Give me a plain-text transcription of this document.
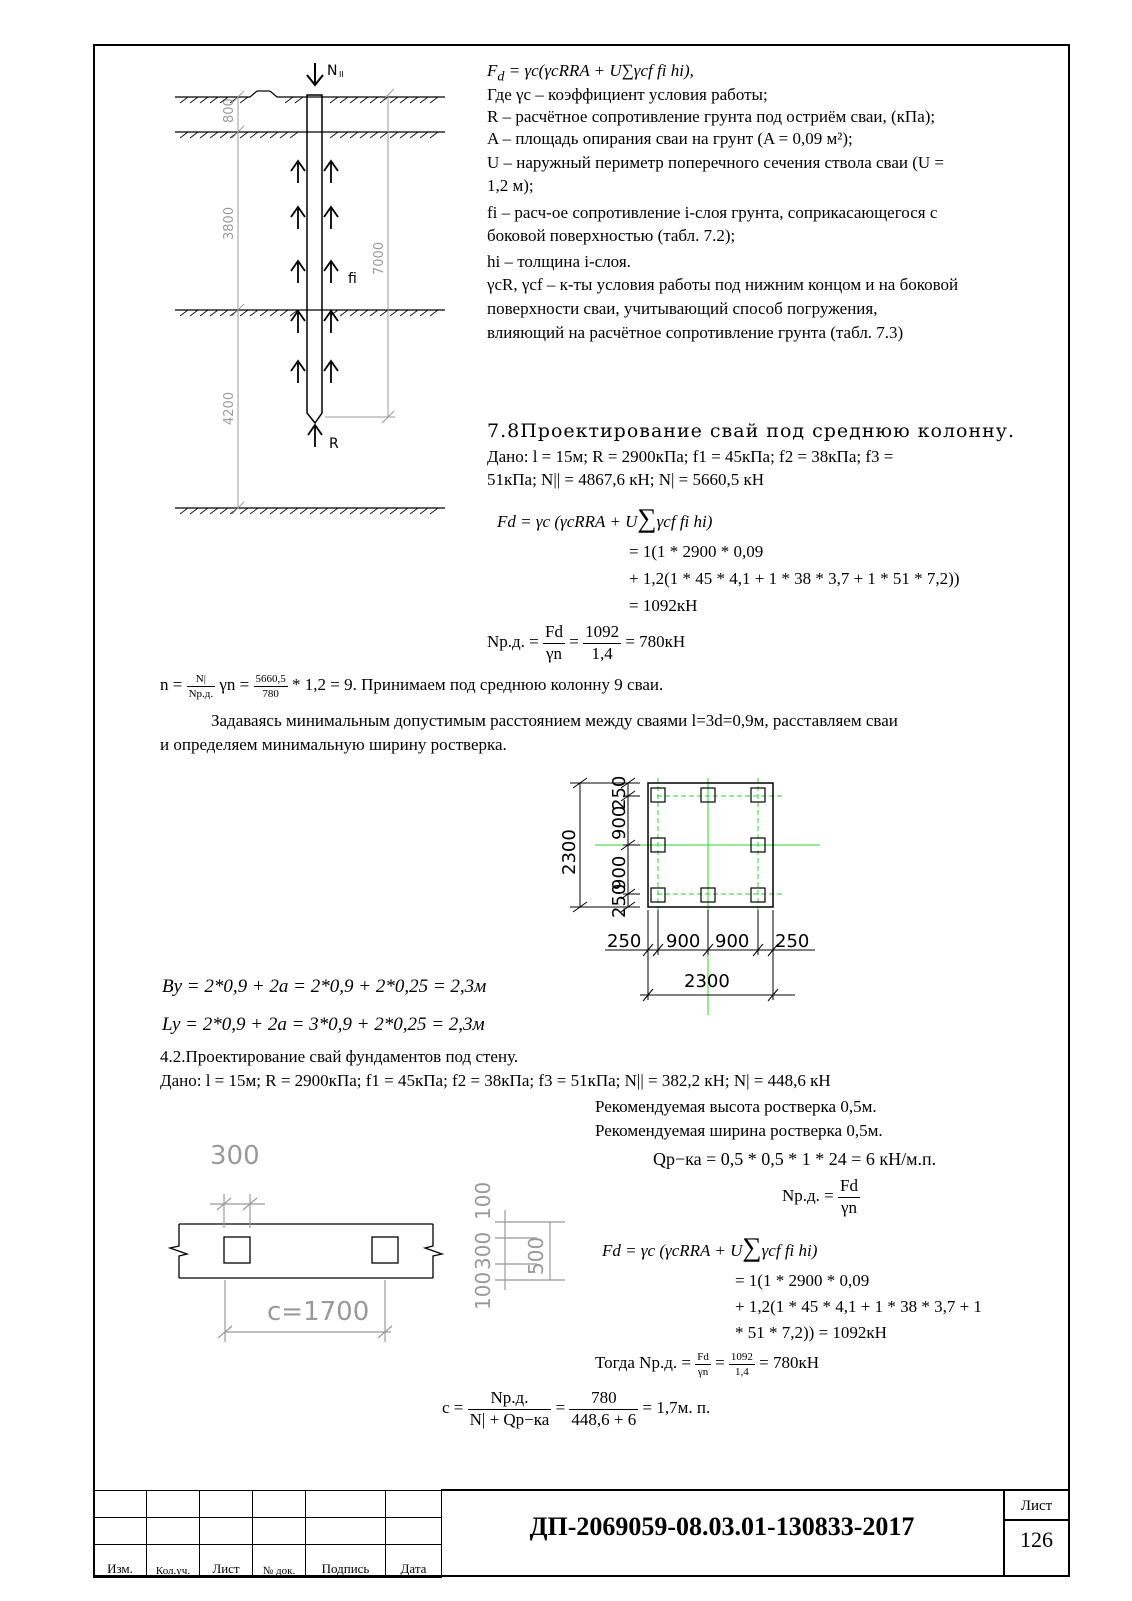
N II
fi
R
800
3800
4200
7000
$F_d$ = γc(γcRRA + U∑γcf fi hi),
Где γc – коэффициент условия работы;
R – расчётное сопротивление грунта под остриём сваи, (кПа);
A – площадь опирания сваи на грунт (A = 0,09 м²);
U – наружный периметр поперечного сечения ствола сваи (U =
1,2 м);
fi – расч-ое сопротивление i-слоя грунта, соприкасающегося с
боковой поверхностью (табл. 7.2);
hi – толщина i-слоя.
γcR, γcf – к-ты условия работы под нижним концом и на боковой
поверхности сваи, учитывающий способ погружения,
влияющий на расчётное сопротивление грунта (табл. 7.3)
7.8Проектирование свай под среднюю колонну.
Дано: l = 15м; R = 2900кПа; f1 = 45кПа; f2 = 38кПа; f3 =
51кПа; N|| = 4867,6 кН; N| = 5660,5 кН
Fd = γc (γcRRA + U∑γcf fi hi)
= 1(1 * 2900 * 0,09
+ 1,2(1 * 45 * 4,1 + 1 * 38 * 3,7 + 1 * 51 * 7,2))
= 1092кН
Nр.д. = $\frac{Fd}{\gamma n} = \frac{1092}{1,4} = 780кН$
n =	N|
Nр.д. $\gamma n = \frac{5660,5}{780} * 1,2 = 9$. Принимаем под среднюю колонну 9 сваи.
Задаваясь минимальным допустимым расстоянием между сваями l=3d=0,9м, расставляем сваи
и определяем минимальную ширину ростверка.
2300
250
900
900
250
250 900 900 250
2300
By = 2*0,9 + 2a = 2*0,9 + 2*0,25 = 2,3м
Ly = 2*0,9 + 2a = 3*0,9 + 2*0,25 = 2,3м
4.2.Проектирование свай фундаментов под стену.
Дано: l = 15м; R = 2900кПа; f1 = 45кПа; f2 = 38кПа; f3 = 51кПа; N|| = 382,2 кН; N| = 448,6 кН
Рекомендуемая высота ростверка 0,5м.
Рекомендуемая ширина ростверка 0,5м.
Qр−ка = 0,5 * 0,5 * 1 * 24 = 6 кН/м.п.
Nр.д. = $\frac{Fd}{\gamma n}$
Fd = γc (γcRRA + U∑γcf fi hi)
= 1(1 * 2900 * 0,09
+ 1,2(1 * 45 * 4,1 + 1 * 38 * 3,7 + 1
* 51 * 7,2)) = 1092кН
Тогда Nр.д. = $\frac{Fd}{\gamma n} = \frac{1092}{1,4} = 780кН$
c =
Nр.д.
N| + Qр−ка
= $\frac{780}{448,6 + 6} = 1,7м$. п.
300
c=1700
100
300
100
500

Изм.	Кол.уч.	Лист	№ док.	Подпись	Дата
ДП-2069059-08.03.01-130833-2017
Лист
126
